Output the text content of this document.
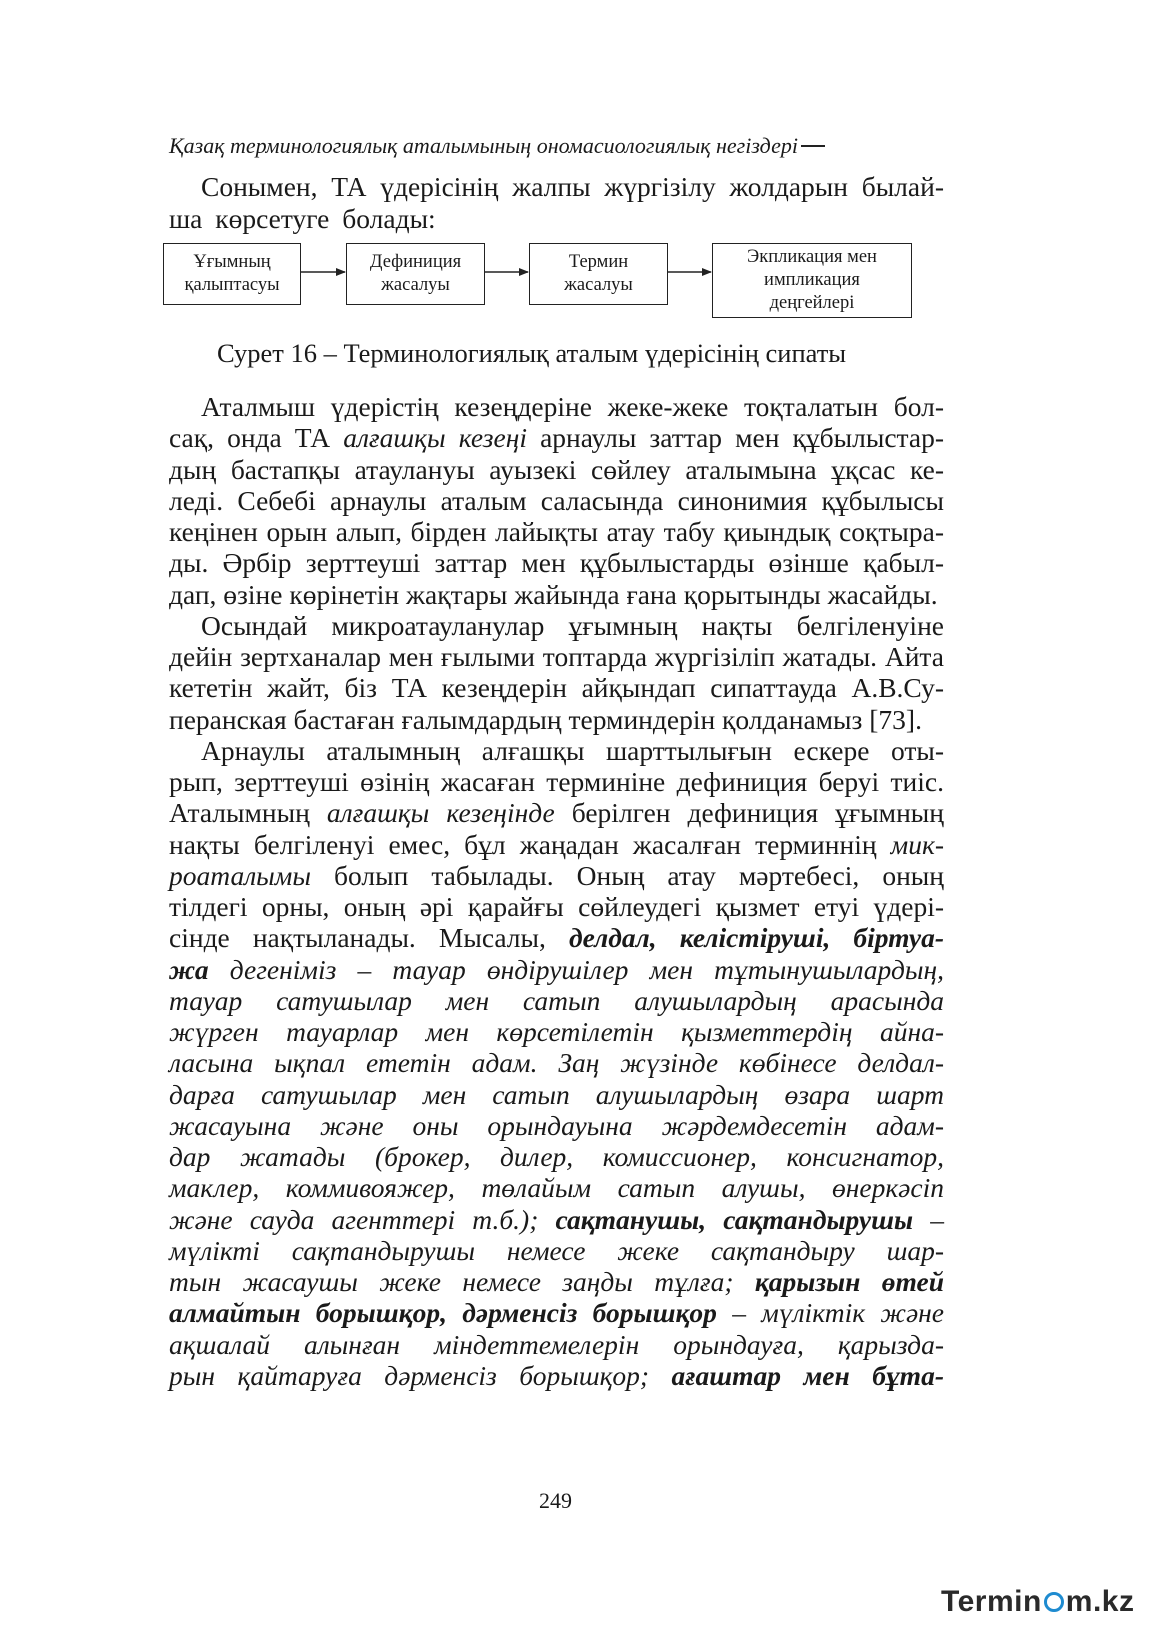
Қазақ терминологиялық аталымының ономасиологиялық негіздері
Сонымен, ТА үдерісінің жалпы жүргізілу жолдарын былай-
ша көрсетуге болады:
Ұғымның
қалыптасуы
Дефиниция
жасалуы
Термин
жасалуы
Экпликация мен
импликация
деңгейлері
Сурет 16 – Терминологиялық аталым үдерісінің сипаты
Аталмыш үдерістің кезеңдеріне жеке-жеке тоқталатын бол-
сақ, онда ТА алғашқы кезеңі арнаулы заттар мен құбылыстар-
дың бастапқы атаулануы ауызекі сөйлеу аталымына ұқсас ке-
леді. Себебі арнаулы аталым саласында синонимия құбылысы
кеңінен орын алып, бірден лайықты атау табу қиындық соқтыра-
ды. Әрбір зерттеуші заттар мен құбылыстарды өзінше қабыл-
дап, өзіне көрінетін жақтары жайында ғана қорытынды жасайды.
Осындай микроатауланулар ұғымның нақты белгіленуіне
дейін зертханалар мен ғылыми топтарда жүргізіліп жатады. Айта
кететін жайт, біз ТА кезеңдерін айқындап сипаттауда А.В.Су-
перанская бастаған ғалымдардың терминдерін қолданамыз [73].
Арнаулы аталымның алғашқы шарттылығын ескере оты-
рып, зерттеуші өзінің жасаған терминіне дефиниция беруі тиіс.
Аталымның алғашқы кезеңінде берілген дефиниция ұғымның
нақты белгіленуі емес, бұл жаңадан жасалған терминнің мик-
роаталымы болып табылады. Оның атау мәртебесі, оның
тілдегі орны, оның әрі қарайғы сөйлеудегі қызмет етуі үдері-
сінде нақтыланады. Мысалы, делдал, келістіруші, біртуа-
жа дегеніміз – тауар өндірушілер мен тұтынушылардың,
тауар сатушылар мен сатып алушылардың арасында
жүрген тауарлар мен көрсетілетін қызметтердің айна-
ласына ықпал ететін адам. Заң жүзінде көбінесе делдал-
дарға сатушылар мен сатып алушылардың өзара шарт
жасауына және оны орындауына жәрдемдесетін адам-
дар жатады (брокер, дилер, комиссионер, консигнатор,
маклер, коммивояжер, төлайым сатып алушы, өнеркәсіп
және сауда агенттері т.б.); сақтанушы, сақтандырушы –
мүлікті сақтандырушы немесе жеке сақтандыру шар-
тын жасаушы жеке немесе заңды тұлға; қарызын өтей
алмайтын борышқор, дәрменсіз борышқор – мүліктік және
ақшалай алынған міндеттемелерін орындауға, қарызда-
рын қайтаруға дәрменсіз борышқор; ағаштар мен бұта-
249
Termin m.kz
